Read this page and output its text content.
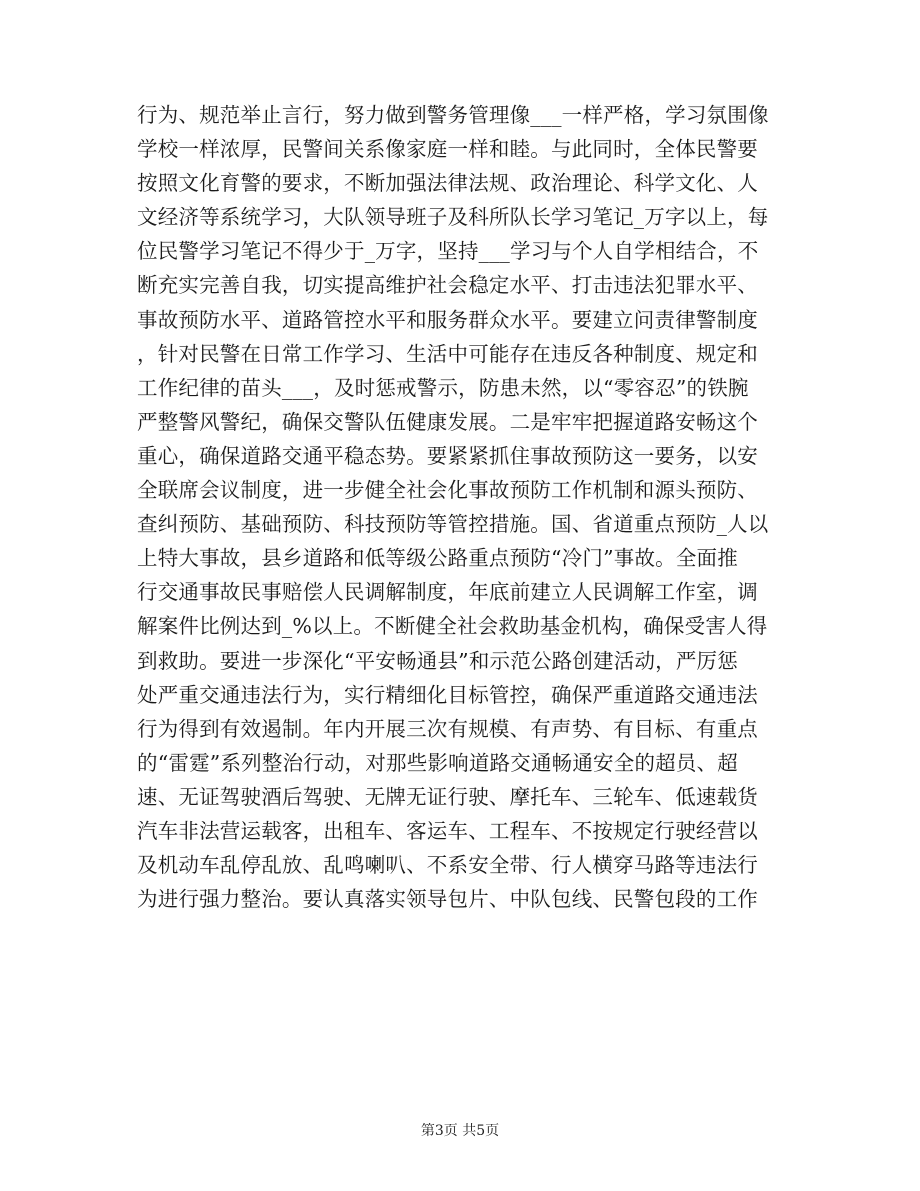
行为、规范举止言行，努力做到警务管理像___一样严格，学习氛围像
学校一样浓厚，民警间关系像家庭一样和睦。与此同时，全体民警要
按照文化育警的要求，不断加强法律法规、政治理论、科学文化、人
文经济等系统学习，大队领导班子及科所队长学习笔记_万字以上，每
位民警学习笔记不得少于_万字，坚持___学习与个人自学相结合，不
断充实完善自我，切实提高维护社会稳定水平、打击违法犯罪水平、
事故预防水平、道路管控水平和服务群众水平。要建立问责律警制度
，针对民警在日常工作学习、生活中可能存在违反各种制度、规定和
工作纪律的苗头___，及时惩戒警示，防患未然，以“零容忍”的铁腕
严整警风警纪，确保交警队伍健康发展。二是牢牢把握道路安畅这个
重心，确保道路交通平稳态势。要紧紧抓住事故预防这一要务，以安
全联席会议制度，进一步健全社会化事故预防工作机制和源头预防、
查纠预防、基础预防、科技预防等管控措施。国、省道重点预防_人以
上特大事故，县乡道路和低等级公路重点预防“冷门”事故。全面推
行交通事故民事赔偿人民调解制度，年底前建立人民调解工作室，调
解案件比例达到_%以上。不断健全社会救助基金机构，确保受害人得
到救助。要进一步深化“平安畅通县”和示范公路创建活动，严厉惩
处严重交通违法行为，实行精细化目标管控，确保严重道路交通违法
行为得到有效遏制。年内开展三次有规模、有声势、有目标、有重点
的“雷霆”系列整治行动，对那些影响道路交通畅通安全的超员、超
速、无证驾驶酒后驾驶、无牌无证行驶、摩托车、三轮车、低速载货
汽车非法营运载客，出租车、客运车、工程车、不按规定行驶经营以
及机动车乱停乱放、乱鸣喇叭、不系安全带、行人横穿马路等违法行
为进行强力整治。要认真落实领导包片、中队包线、民警包段的工作
第3页 共5页
